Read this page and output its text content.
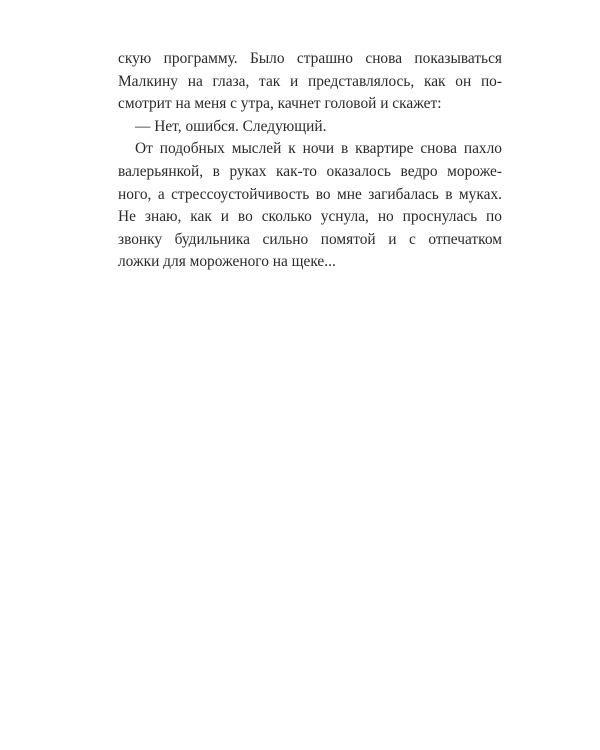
скую программу. Было страшно снова показываться
Малкину на глаза, так и представлялось, как он по-
смотрит на меня с утра, качнет головой и скажет:
— Нет, ошибся. Следующий.
От подобных мыслей к ночи в квартире снова пахло
валерьянкой, в руках как-то оказалось ведро мороже-
ного, а стрессоустойчивость во мне загибалась в муках.
Не знаю, как и во сколько уснула, но проснулась по
звонку будильника сильно помятой и с отпечатком
ложки для мороженого на щеке...
